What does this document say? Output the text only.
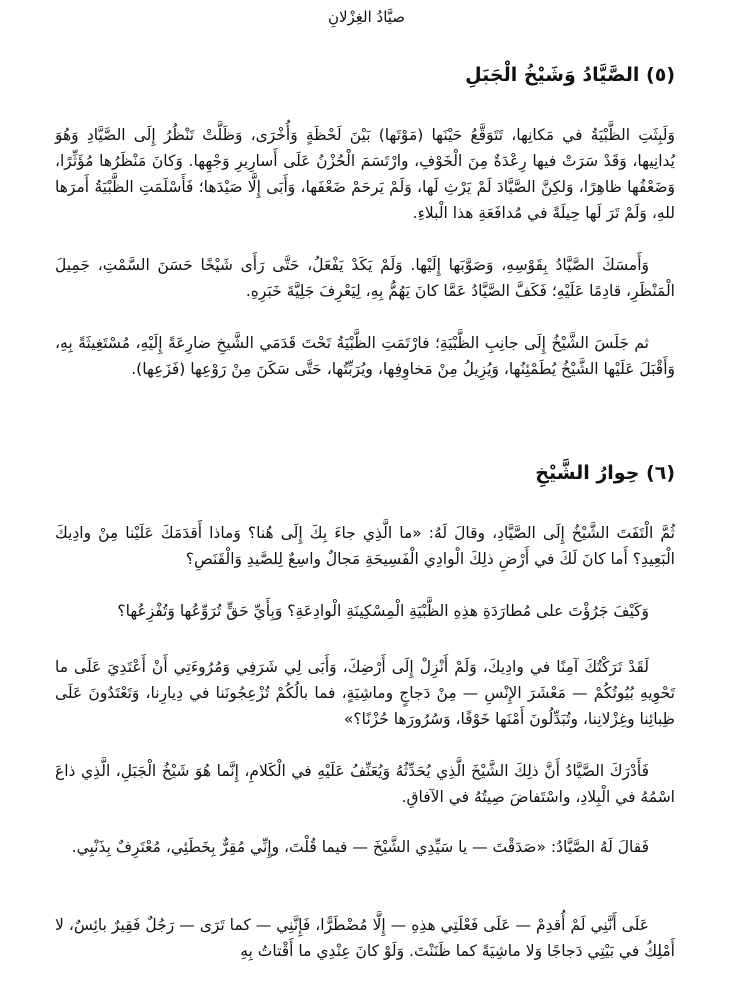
صيَّادُ الغِزْلانِ
(٥) الصَّيَّادُ وَشَيْخُ الْجَبَلِ
وَلَبِثَتِ الظَّبْيَةُ في مَكانِها، تَتَوَقَّعُ حَيْنَها (مَوْتَها) بَيْنَ لَحْظَةٍ وَأُخْرَى، وَظَلَّتْ تَنْظُرُ إِلَى الصَّيَّادِ وَهُوَ يُدانِيها، وَقَدْ سَرَتْ فيها رِعْدَةٌ مِنَ الْخَوْفِ، وارْتَسَمَ الْحُزْنُ عَلَى أَسارِيرِ وَجْهِها. وَكانَ مَنْظَرُها مُؤَثِّرًا، وَضَعْفُها ظاهِرًا، وَلكِنَّ الصَّيَّادَ لَمْ يَرْثِ لَها، وَلَمْ يَرحَمْ ضَعْفَها، وَأَبَى إِلَّا صَيْدَها؛ فَأَسْلَمَتِ الظَّبْيَةُ أَمرَها للهِ، وَلَمْ تَرَ لَها حِيلَةً في مُدافَعَةِ هذا الْبلاءِ.
وَأَمسَكَ الصَّيَّادُ بِقَوْسِهِ، وَصَوَّبَها إِلَيْها. وَلَمْ يَكَدْ يَفْعَلُ، حَتَّى رَأَى شَيْخًا حَسَنَ السَّمْتِ، جَمِيلَ الْمَنْظَرِ، قادِمًا عَلَيْهِ؛ فَكَفَّ الصَّيَّادُ عَمَّا كانَ يَهُمُّ بِهِ، لِيَعْرِفَ جَلِيَّةَ خَبَرِهِ.
ثم جَلَسَ الشَّيْخُ إِلَى جانِبِ الظَّبْيَةِ؛ فارْتَمَتِ الظَّبْيَةُ تَحْتَ قَدَمَي الشَّيخِ ضارِعَةً إِلَيْهِ، مُسْتَغِيثَةً بِهِ، وَأَقْبَلَ عَلَيْها الشَّيْخُ يُطَمْئِنُها، وَيُزِيلُ مِنْ مَخاوِفِها، ويُرَبِّتُها، حَتَّى سَكَنَ مِنْ رَوْعِها (فَزَعِها).
(٦) حِوارُ الشَّيْخِ
ثُمَّ الْتَفَتَ الشَّيْخُ إِلَى الصَّيَّادِ، وقالَ لَهُ: «ما الَّذِي جاءَ بِكَ إِلَى هُنا؟ وَماذا أَقدَمَكَ عَلَيْنا مِنْ وادِيكَ الْبَعِيدِ؟ أَما كانَ لَكَ في أَرْضِ ذلِكَ الْوادِي الْفَسِيحَةِ مَجالٌ واسِعٌ لِلصَّيدِ وَالْقَنَصِ؟
وَكَيْفَ جَرُؤْتَ على مُطارَدَةِ هذِهِ الظَّبْيَةِ الْمِسْكِينَةِ الْوادِعَةِ؟ وَبِأَيِّ حَقٍّ تُرَوِّعُها وَتُفْزِعُها؟
لَقَدْ تَرَكْتُكَ آمِنًا في وادِيكَ، وَلَمْ أَنْزِلْ إِلَى أَرْضِكَ، وَأَبَى لِي شَرَفِي وَمُرُوءَتِي أَنْ أَعْتَدِيَ عَلَى ما تَحْوِيهِ بُيُوتُكُمْ — مَعْشَرَ الإِنْسِ — مِنْ دَجاجٍ وماشِيَةٍ، فما بالُكُمْ تُزْعِجُونَنا في دِيارِنا، وَتَعْتَدُونَ عَلَى ظِبائِنا وغِزْلانِنا، وتُبَدِّلُونَ أَمْنَها خَوْفًا، وَسُرُورَها حُزْنًا؟»
فَأَدْرَكَ الصَّيَّادُ أَنَّ ذلِكَ الشَّيْخَ الَّذِي يُحَدِّثُهُ وَيُعَنِّفُ عَلَيْهِ في الْكَلامِ، إِنَّما هُوَ شَيْخُ الْجَبَلِ، الَّذِي ذاعَ اسْمُهُ في الْبِلادِ، واسْتَفاضَ صِيتُهُ في الآفاقِ.
فَقالَ لَهُ الصَّيَّادُ: «صَدَقْتَ — يا سَيِّدِي الشَّيْخَ — فيما قُلْتَ، وإِنِّي مُقِرٌّ بِخَطَئِي، مُعْتَرِفٌ بِذَنْبِي.
عَلَى أَنَّنِي لَمْ أُقدِمْ — عَلَى فَعْلَتِي هذِهِ — إِلَّا مُضْطَرًّا، فَإِنَّنِي — كما تَرَى — رَجُلٌ فَقِيرٌ بائِسٌ، لا أَمْلِكُ في بَيْتِي دَجاجًا وَلا ماشِيَةً كما ظَنَنْتَ. وَلَوْ كانَ عِنْدِي ما أَقْتاتُ بِهِ
